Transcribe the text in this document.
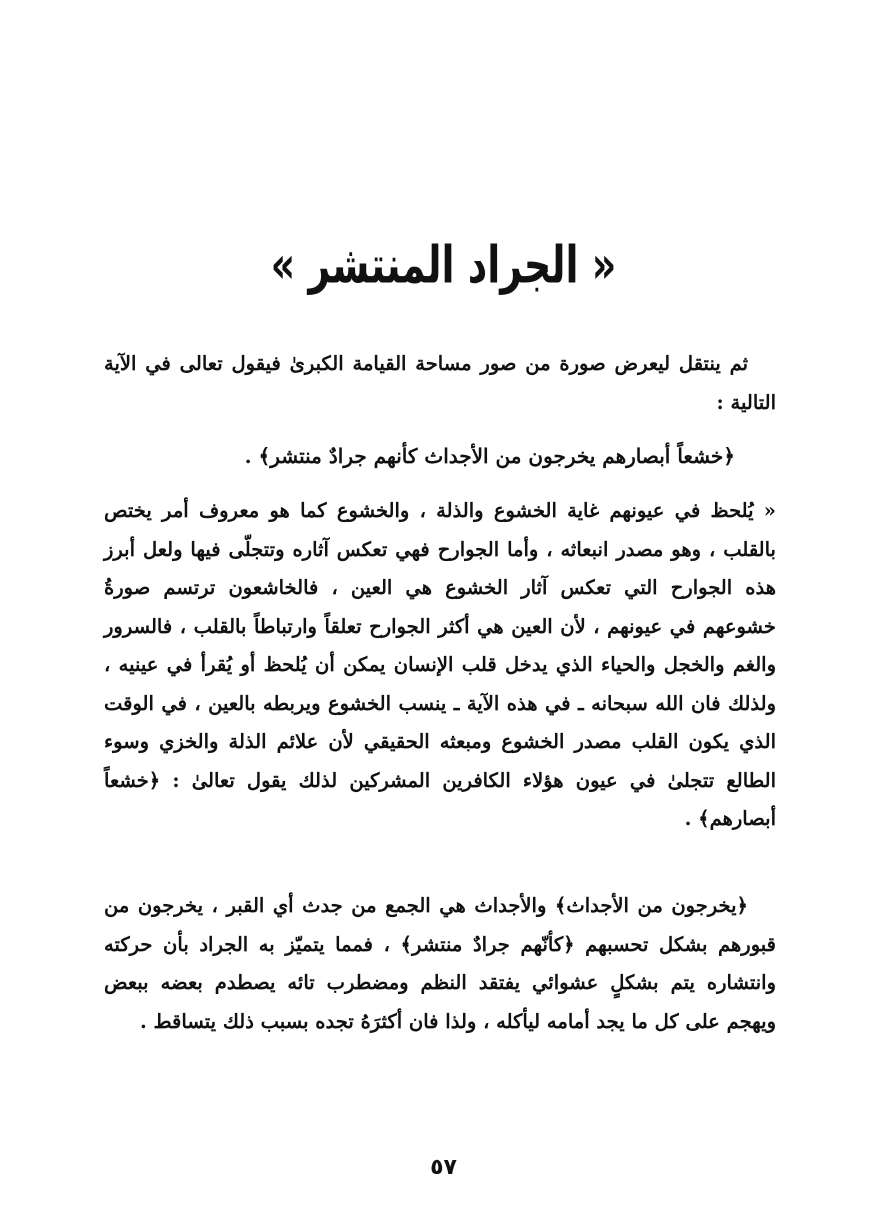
« الجراد المنتشر »

ثم ينتقل ليعرض صورة من صور مساحة القيامة الكبرىٰ فيقول تعالى في الآية التالية :

﴿خشعاً أبصارهم يخرجون من الأجداث كأنهم جرادٌ منتشر﴾ .

« يُلحظ في عيونهم غاية الخشوع والذلة ، والخشوع كما هو معروف أمر يختص بالقلب ، وهو مصدر انبعاثه ، وأما الجوارح فهي تعكس آثاره وتتجلّى فيها ولعل أبرز هذه الجوارح التي تعكس آثار الخشوع هي العين ، فالخاشعون ترتسم صورةُ خشوعهم في عيونهم ، لأن العين هي أكثر الجوارح تعلقاً وارتباطاً بالقلب ، فالسرور والغم والخجل والحياء الذي يدخل قلب الإنسان يمكن أن يُلحظ أو يُقرأ في عينيه ، ولذلك فان الله سبحانه ـ في هذه الآية ـ ينسب الخشوع ويربطه بالعين ، في الوقت الذي يكون القلب مصدر الخشوع ومبعثه الحقيقي لأن علائم الذلة والخزي وسوء الطالع تتجلىٰ في عيون هؤلاء الكافرين المشركين لذلك يقول تعالىٰ : ﴿خشعاً أبصارهم﴾ .

﴿يخرجون من الأجداث﴾ والأجداث هي الجمع من جدث أي القبر ، يخرجون من قبورهم بشكل تحسبهم ﴿كأنّهم جرادٌ منتشر﴾ ، فمما يتميّز به الجراد بأن حركته وانتشاره يتم بشكلٍ عشوائي يفتقد النظم ومضطرب تائه يصطدم بعضه ببعض ويهجم على كل ما يجد أمامه ليأكله ، ولذا فان أكثرَهُ تجده بسبب ذلك يتساقط .

٥٧
